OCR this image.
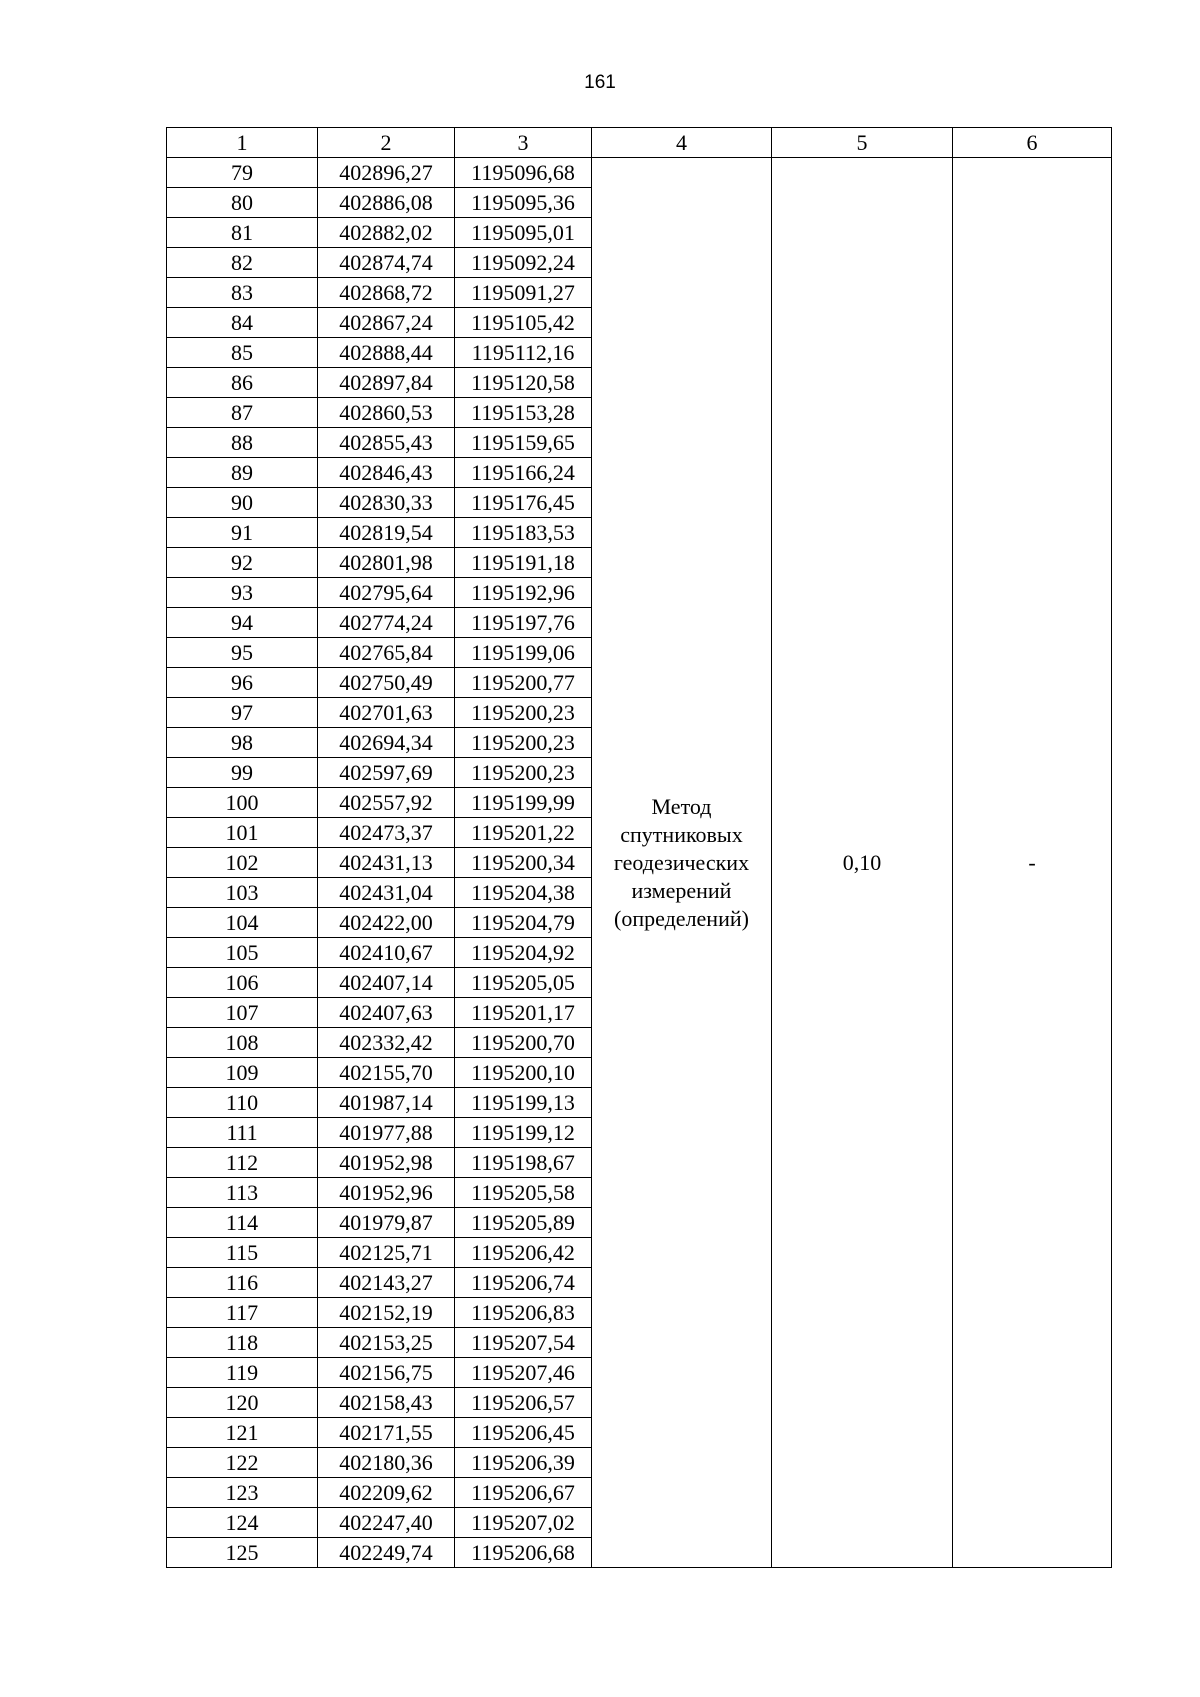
161
1	2	3	4	5	6
79	402896,27	1195096,68	Метод
спутниковых
геодезических
измерений
(определений)	0,10	-
80	402886,08	1195095,36			
81	402882,02	1195095,01			
82	402874,74	1195092,24			
83	402868,72	1195091,27			
84	402867,24	1195105,42			
85	402888,44	1195112,16			
86	402897,84	1195120,58			
87	402860,53	1195153,28			
88	402855,43	1195159,65			
89	402846,43	1195166,24			
90	402830,33	1195176,45			
91	402819,54	1195183,53			
92	402801,98	1195191,18			
93	402795,64	1195192,96			
94	402774,24	1195197,76			
95	402765,84	1195199,06			
96	402750,49	1195200,77			
97	402701,63	1195200,23			
98	402694,34	1195200,23			
99	402597,69	1195200,23			
100	402557,92	1195199,99			
101	402473,37	1195201,22			
102	402431,13	1195200,34			
103	402431,04	1195204,38			
104	402422,00	1195204,79			
105	402410,67	1195204,92			
106	402407,14	1195205,05			
107	402407,63	1195201,17			
108	402332,42	1195200,70			
109	402155,70	1195200,10			
110	401987,14	1195199,13			
111	401977,88	1195199,12			
112	401952,98	1195198,67			
113	401952,96	1195205,58			
114	401979,87	1195205,89			
115	402125,71	1195206,42			
116	402143,27	1195206,74			
117	402152,19	1195206,83			
118	402153,25	1195207,54			
119	402156,75	1195207,46			
120	402158,43	1195206,57			
121	402171,55	1195206,45			
122	402180,36	1195206,39			
123	402209,62	1195206,67			
124	402247,40	1195207,02			
125	402249,74	1195206,68			
